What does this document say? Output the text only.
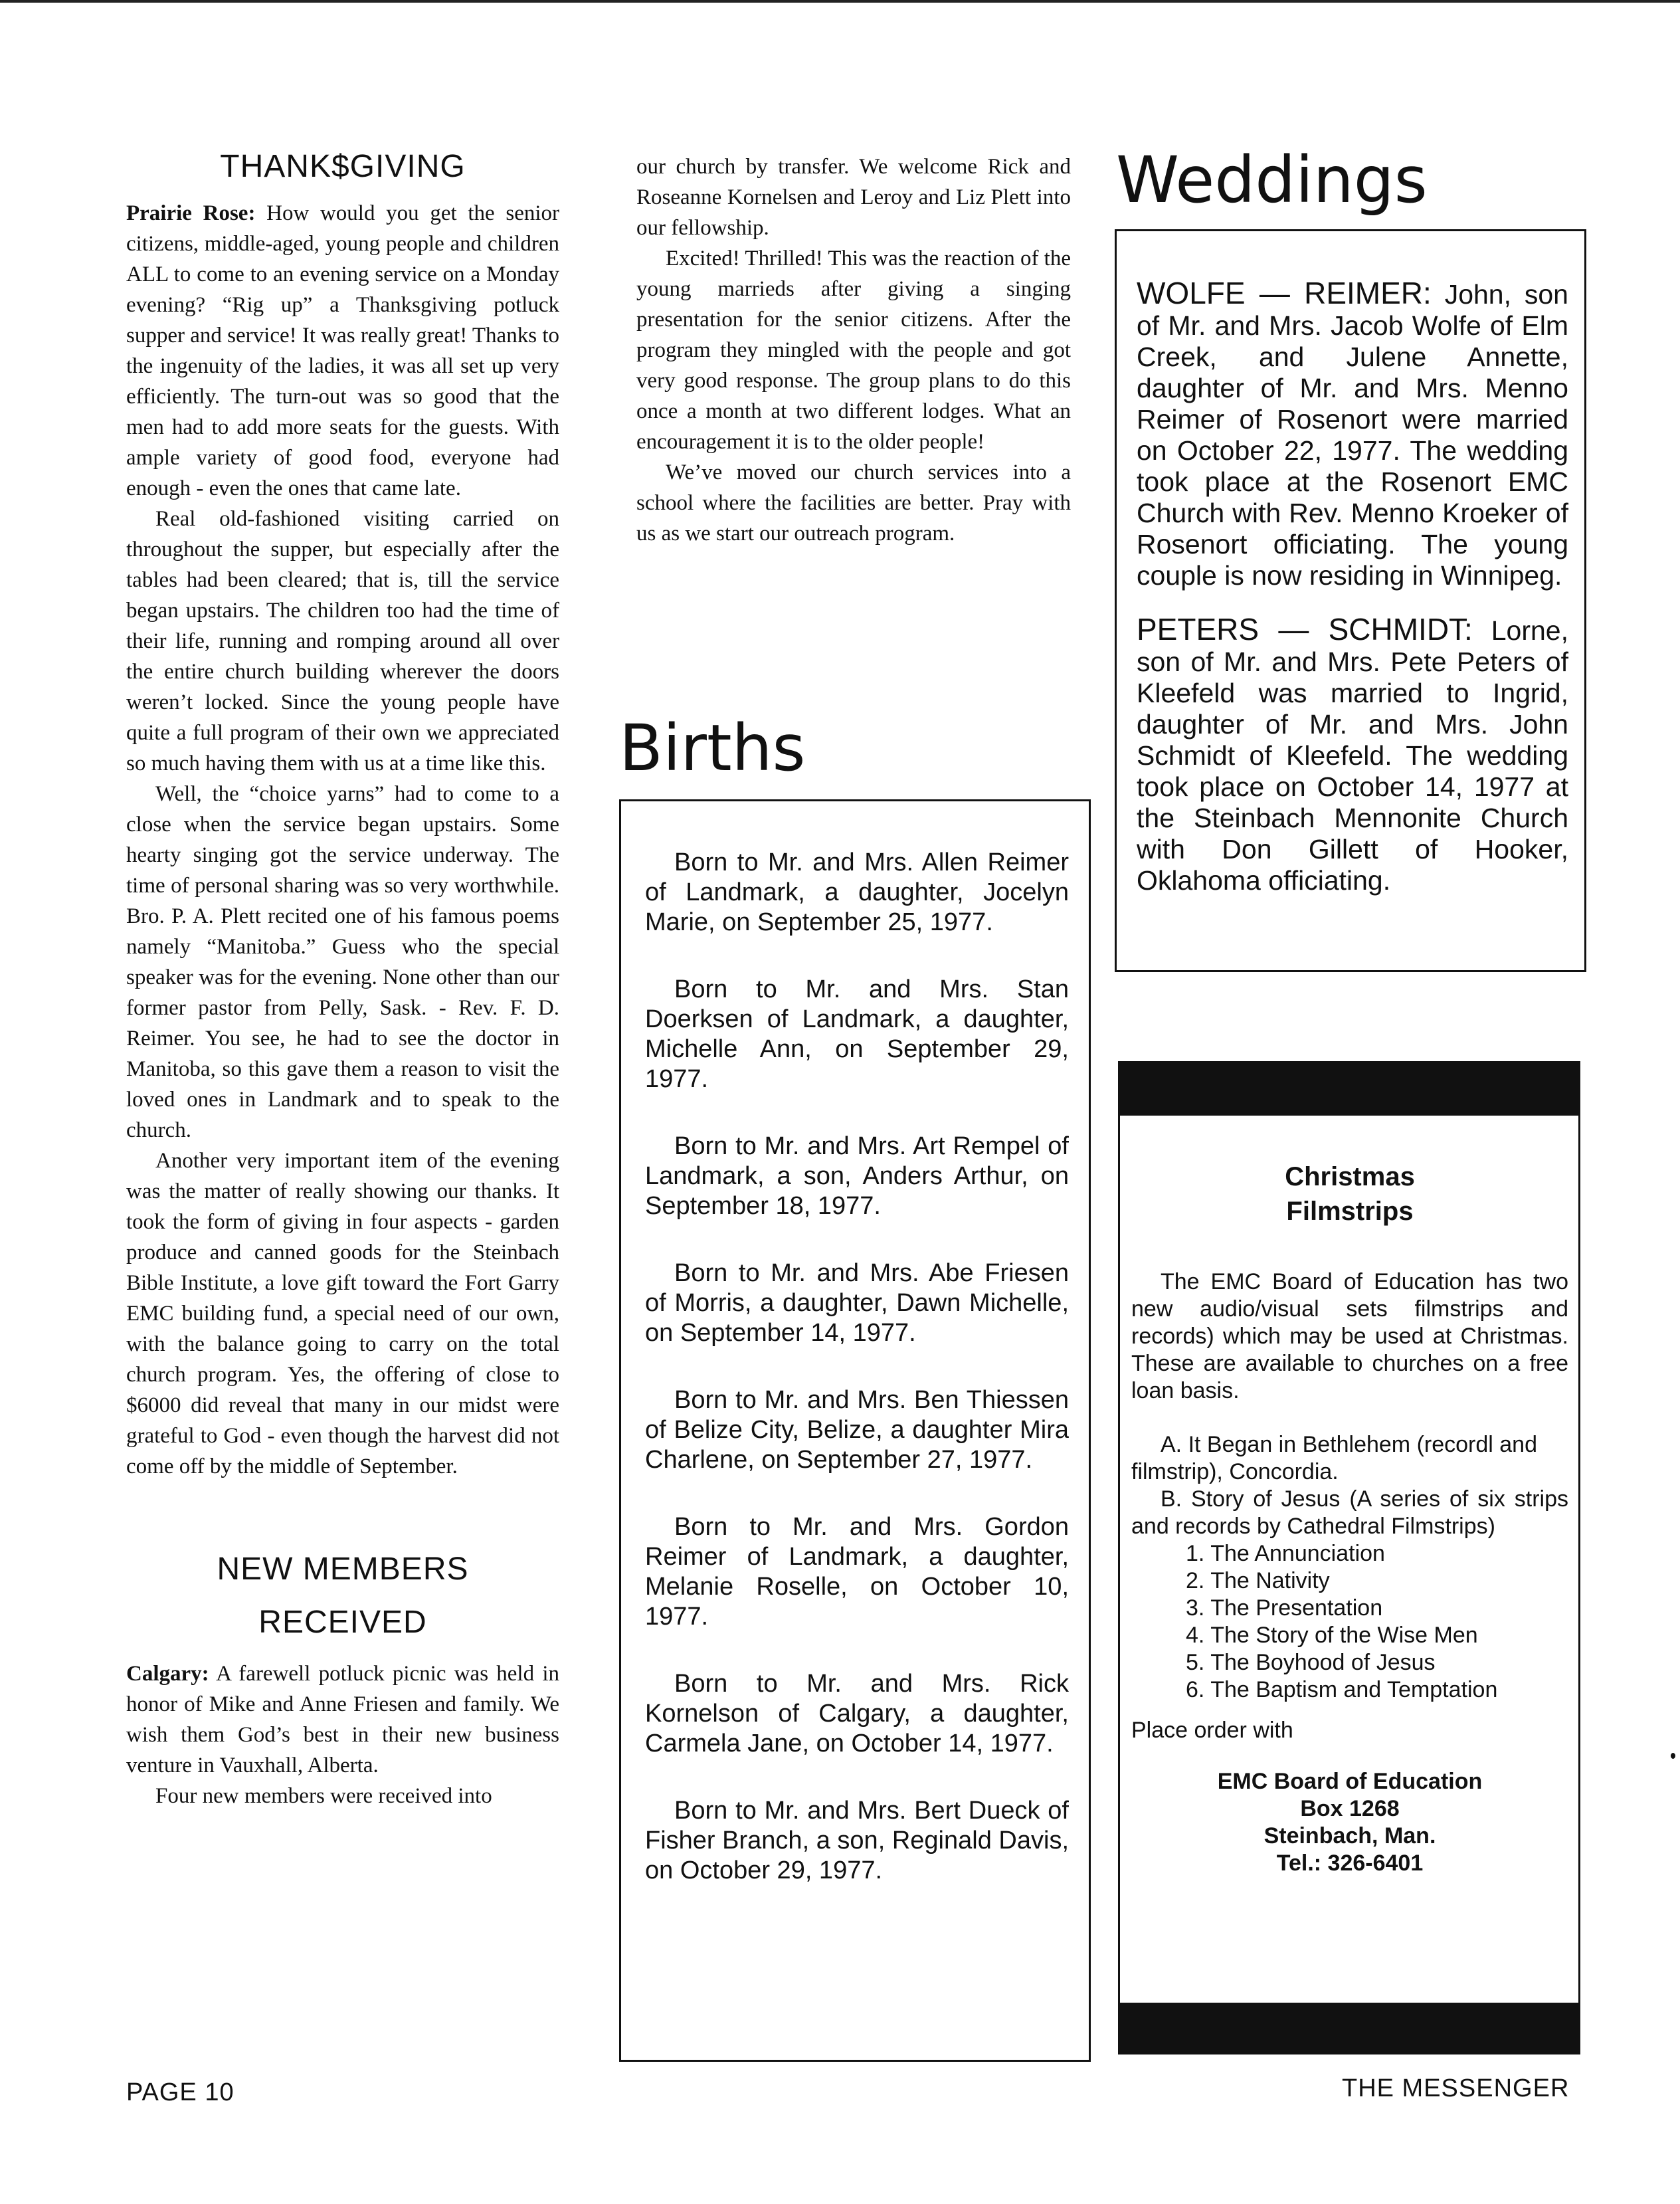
THANK$GIVING

Prairie Rose: How would you get the senior citizens, middle-aged, young people and children ALL to come to an evening service on a Monday evening? “Rig up” a Thanksgiving potluck supper and service! It was really great! Thanks to the ingenuity of the ladies, it was all set up very efficiently. The turn-out was so good that the men had to add more seats for the guests. With ample variety of good food, everyone had enough - even the ones that came late.

Real old-fashioned visiting carried on throughout the supper, but especially after the tables had been cleared; that is, till the service began upstairs. The children too had the time of their life, running and romping around all over the entire church building wherever the doors weren’t locked. Since the young people have quite a full program of their own we appreciated so much having them with us at a time like this.

Well, the “choice yarns” had to come to a close when the service began upstairs. Some hearty singing got the service underway. The time of personal sharing was so very worthwhile. Bro. P. A. Plett recited one of his famous poems namely “Manitoba.” Guess who the special speaker was for the evening. None other than our former pastor from Pelly, Sask. - Rev. F. D. Reimer. You see, he had to see the doctor in Manitoba, so this gave them a reason to visit the loved ones in Landmark and to speak to the church.

Another very important item of the evening was the matter of really showing our thanks. It took the form of giving in four aspects - garden produce and canned goods for the Steinbach Bible Institute, a love gift toward the Fort Garry EMC building fund, a special need of our own, with the balance going to carry on the total church program. Yes, the offering of close to $6000 did reveal that many in our midst were grateful to God - even though the harvest did not come off by the middle of September.

NEW MEMBERS
RECEIVED

Calgary: A farewell potluck picnic was held in honor of Mike and Anne Friesen and family. We wish them God’s best in their new business venture in Vauxhall, Alberta.

Four new members were received into

our church by transfer. We welcome Rick and Roseanne Kornelsen and Leroy and Liz Plett into our fellowship.

Excited! Thrilled! This was the reaction of the young marrieds after giving a singing presentation for the senior citizens. After the program they mingled with the people and got very good response. The group plans to do this once a month at two different lodges. What an encouragement it is to the older people!

We’ve moved our church services into a school where the facilities are better. Pray with us as we start our outreach program.

Births

Born to Mr. and Mrs. Allen Reimer of Landmark, a daughter, Jocelyn Marie, on September 25, 1977.

Born to Mr. and Mrs. Stan Doerksen of Landmark, a daughter, Michelle Ann, on September 29, 1977.

Born to Mr. and Mrs. Art Rempel of Landmark, a son, Anders Arthur, on September 18, 1977.

Born to Mr. and Mrs. Abe Friesen of Morris, a daughter, Dawn Michelle, on September 14, 1977.

Born to Mr. and Mrs. Ben Thiessen of Belize City, Belize, a daughter Mira Charlene, on September 27, 1977.

Born to Mr. and Mrs. Gordon Reimer of Landmark, a daughter, Melanie Roselle, on October 10, 1977.

Born to Mr. and Mrs. Rick Kornelson of Calgary, a daughter, Carmela Jane, on October 14, 1977.

Born to Mr. and Mrs. Bert Dueck of Fisher Branch, a son, Reginald Davis, on October 29, 1977.

Weddings

WOLFE — REIMER: John, son of Mr. and Mrs. Jacob Wolfe of Elm Creek, and Julene Annette, daughter of Mr. and Mrs. Menno Reimer of Rosenort were married on October 22, 1977. The wedding took place at the Rosenort EMC Church with Rev. Menno Kroeker of Rosenort officiating. The young couple is now residing in Winnipeg.

PETERS — SCHMIDT: Lorne, son of Mr. and Mrs. Pete Peters of Kleefeld was married to Ingrid, daughter of Mr. and Mrs. John Schmidt of Kleefeld. The wedding took place on October 14, 1977 at the Steinbach Mennonite Church with Don Gillett of Hooker, Oklahoma officiating.

Christmas
Filmstrips

The EMC Board of Education has two new audio/visual sets filmstrips and records) which may be used at Christmas. These are available to churches on a free loan basis.

A. It Began in Bethlehem (recordl and filmstrip), Concordia.

B. Story of Jesus (A series of six strips and records by Cathedral Filmstrips)

1. The Annunciation
2. The Nativity
3. The Presentation
4. The Story of the Wise Men
5. The Boyhood of Jesus
6. The Baptism and Temptation

Place order with

EMC Board of Education
Box 1268
Steinbach, Man.
Tel.: 326-6401
PAGE 10	THE MESSENGER
